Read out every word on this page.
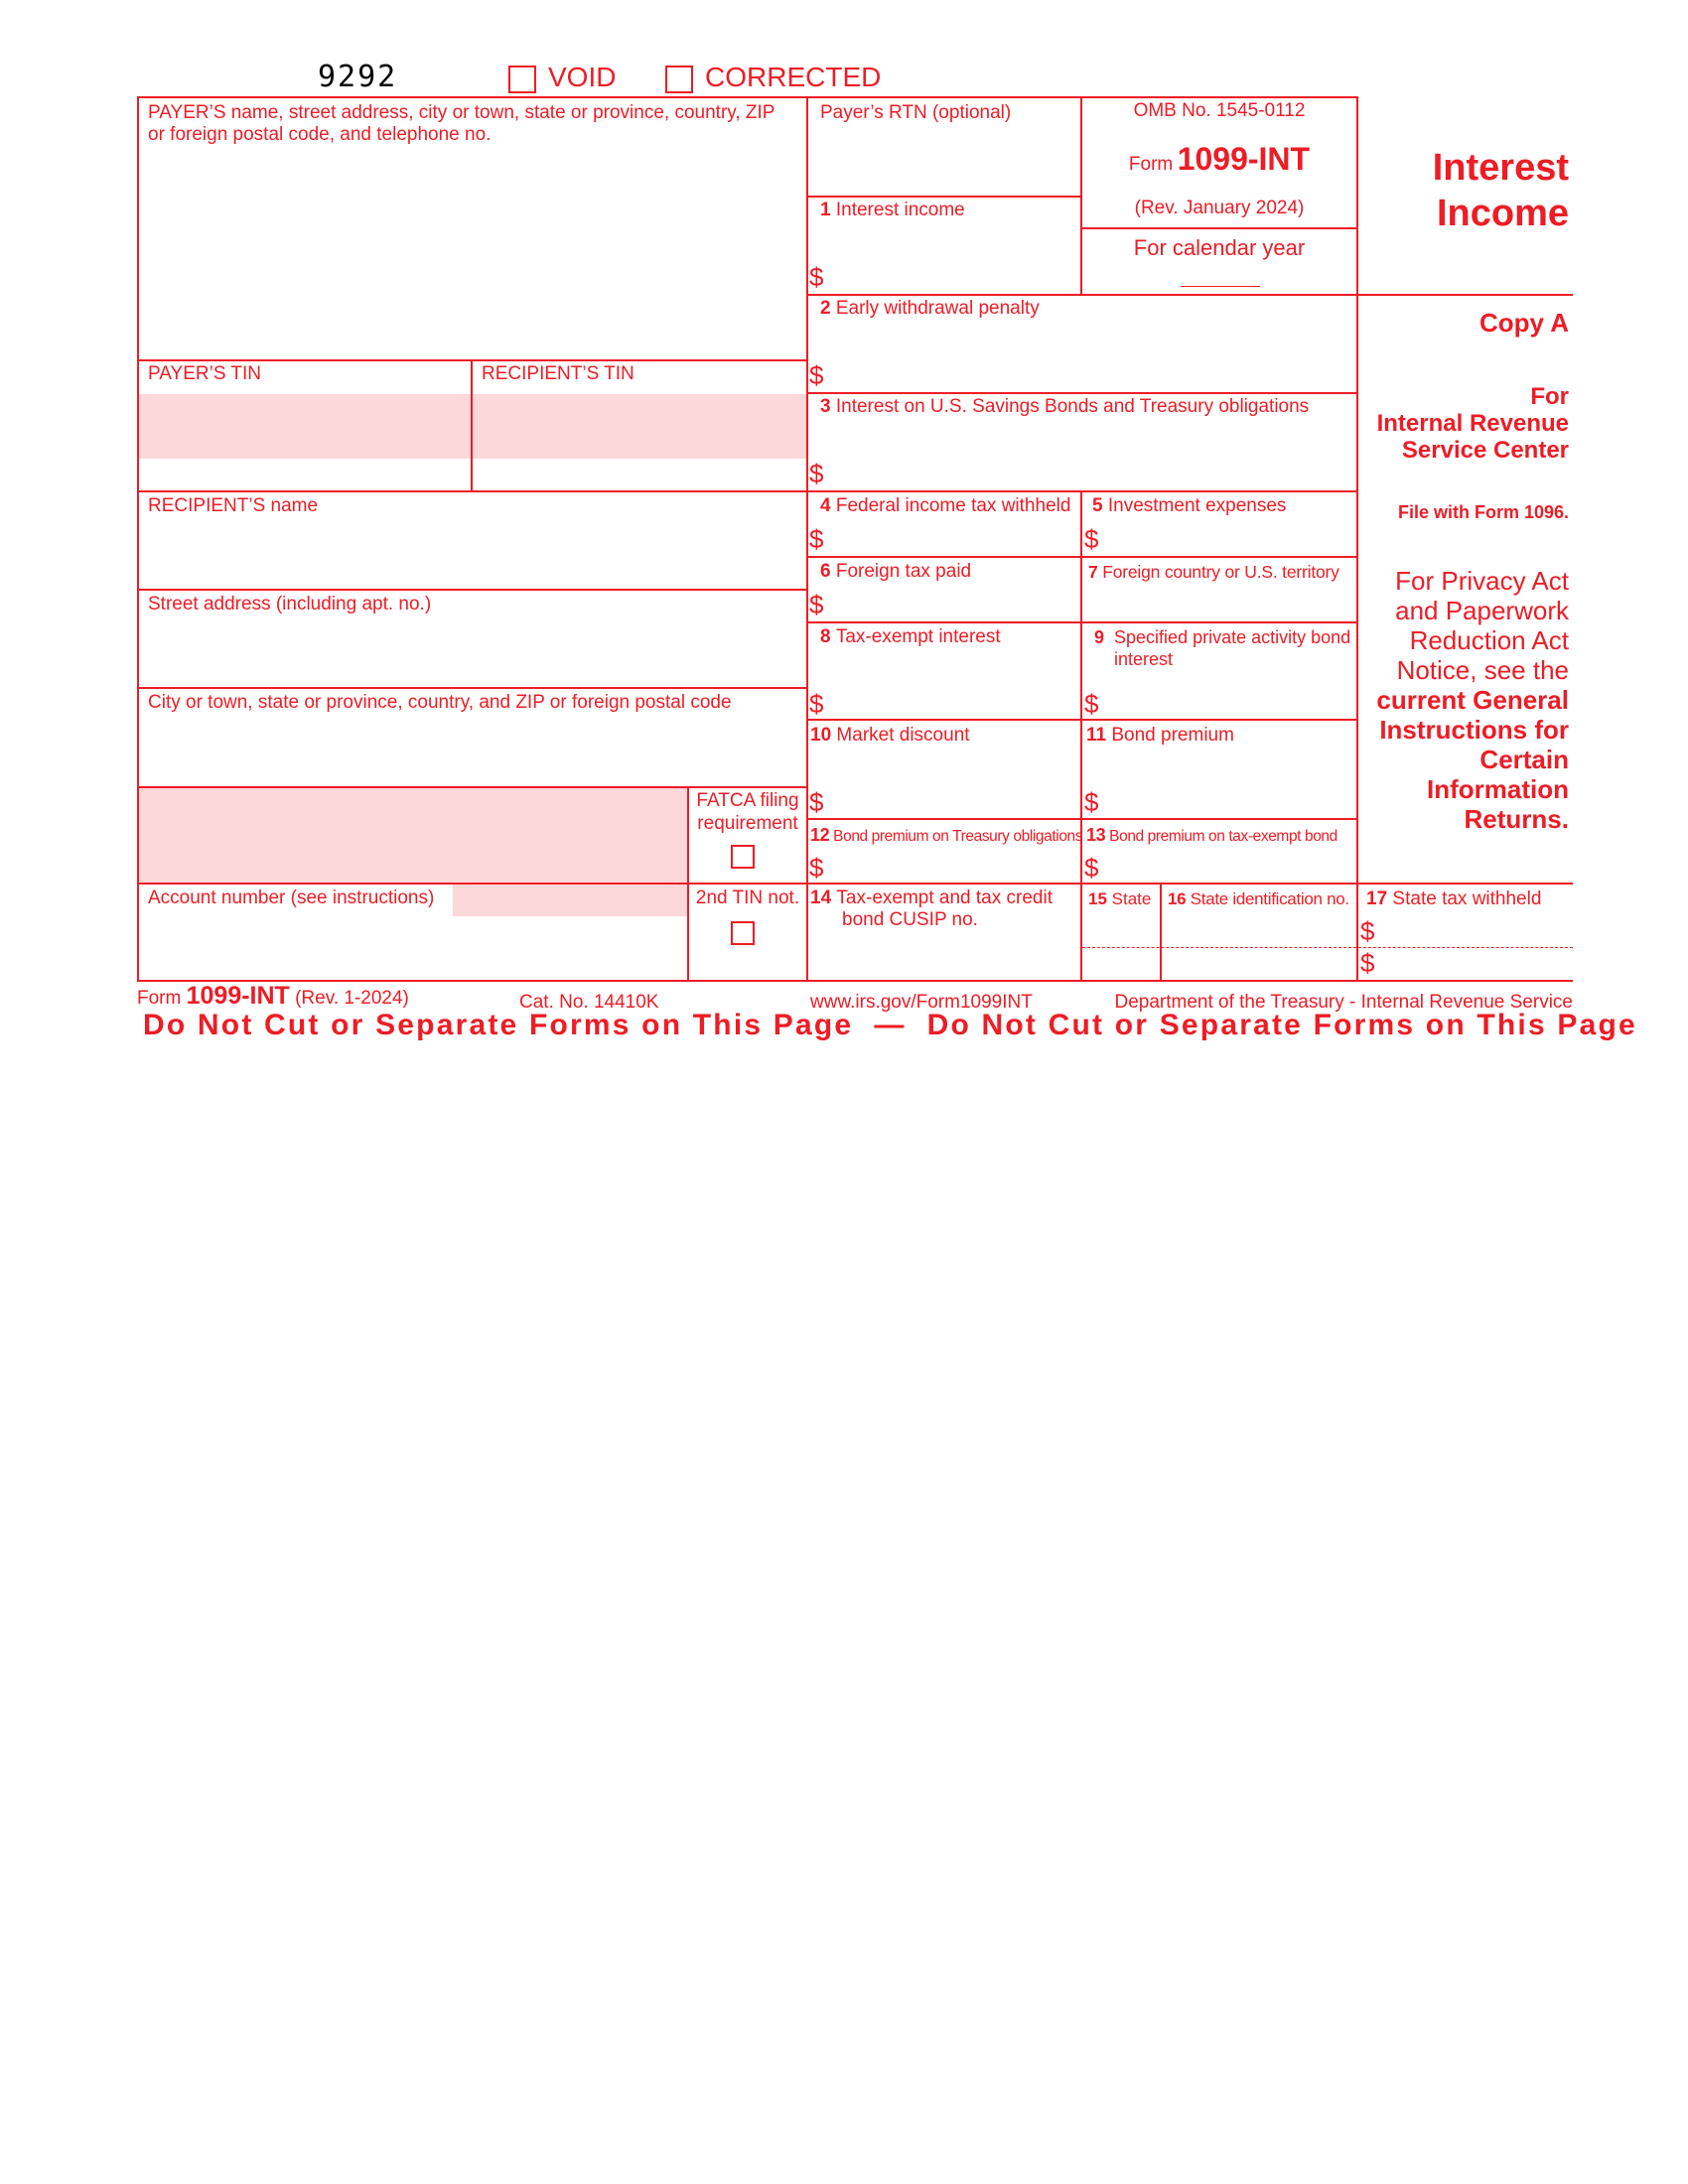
9292	VOID	CORRECTED
PAYER’S name, street address, city or town, state or province, country, ZIP
or foreign postal code, and telephone no.
Payer’s RTN (optional)
PAYER’S TIN	RECIPIENT’S TIN
RECIPIENT’S name
Street address (including apt. no.)
City or town, state or province, country, and ZIP or foreign postal code
FATCA filing
requirement
Account number (see instructions)	2nd TIN not.
OMB No. 1545-0112
Form 1099-INT
(Rev. January 2024)
For calendar year
1 Interest income
$
2 Early withdrawal penalty
$
3 Interest on U.S. Savings Bonds and Treasury obligations
$
4 Federal income tax withheld
$
5 Investment expenses
$
6 Foreign tax paid
$
7 Foreign country or U.S. territory
8 Tax-exempt interest
$
9 Specified private activity bond
interest
$
10 Market discount
$
11 Bond premium
$
12 Bond premium on Treasury obligations
$
13 Bond premium on tax-exempt bond
$
14 Tax-exempt and tax credit
bond CUSIP no.
15 State 16 State identification no. 17 State tax withheld
$
$
Interest
Income
Copy A
For
Internal Revenue
Service Center
File with Form 1096.
For Privacy Act
and Paperwork
Reduction Act
Notice, see the
current General
Instructions for
Certain
Information
Returns.
Form 1099-INT (Rev. 1-2024)	Cat. No. 14410K	www.irs.gov/Form1099INT	Department of the Treasury - Internal Revenue Service
Do Not Cut or Separate Forms on This Page  —  Do Not Cut or Separate Forms on This Page
